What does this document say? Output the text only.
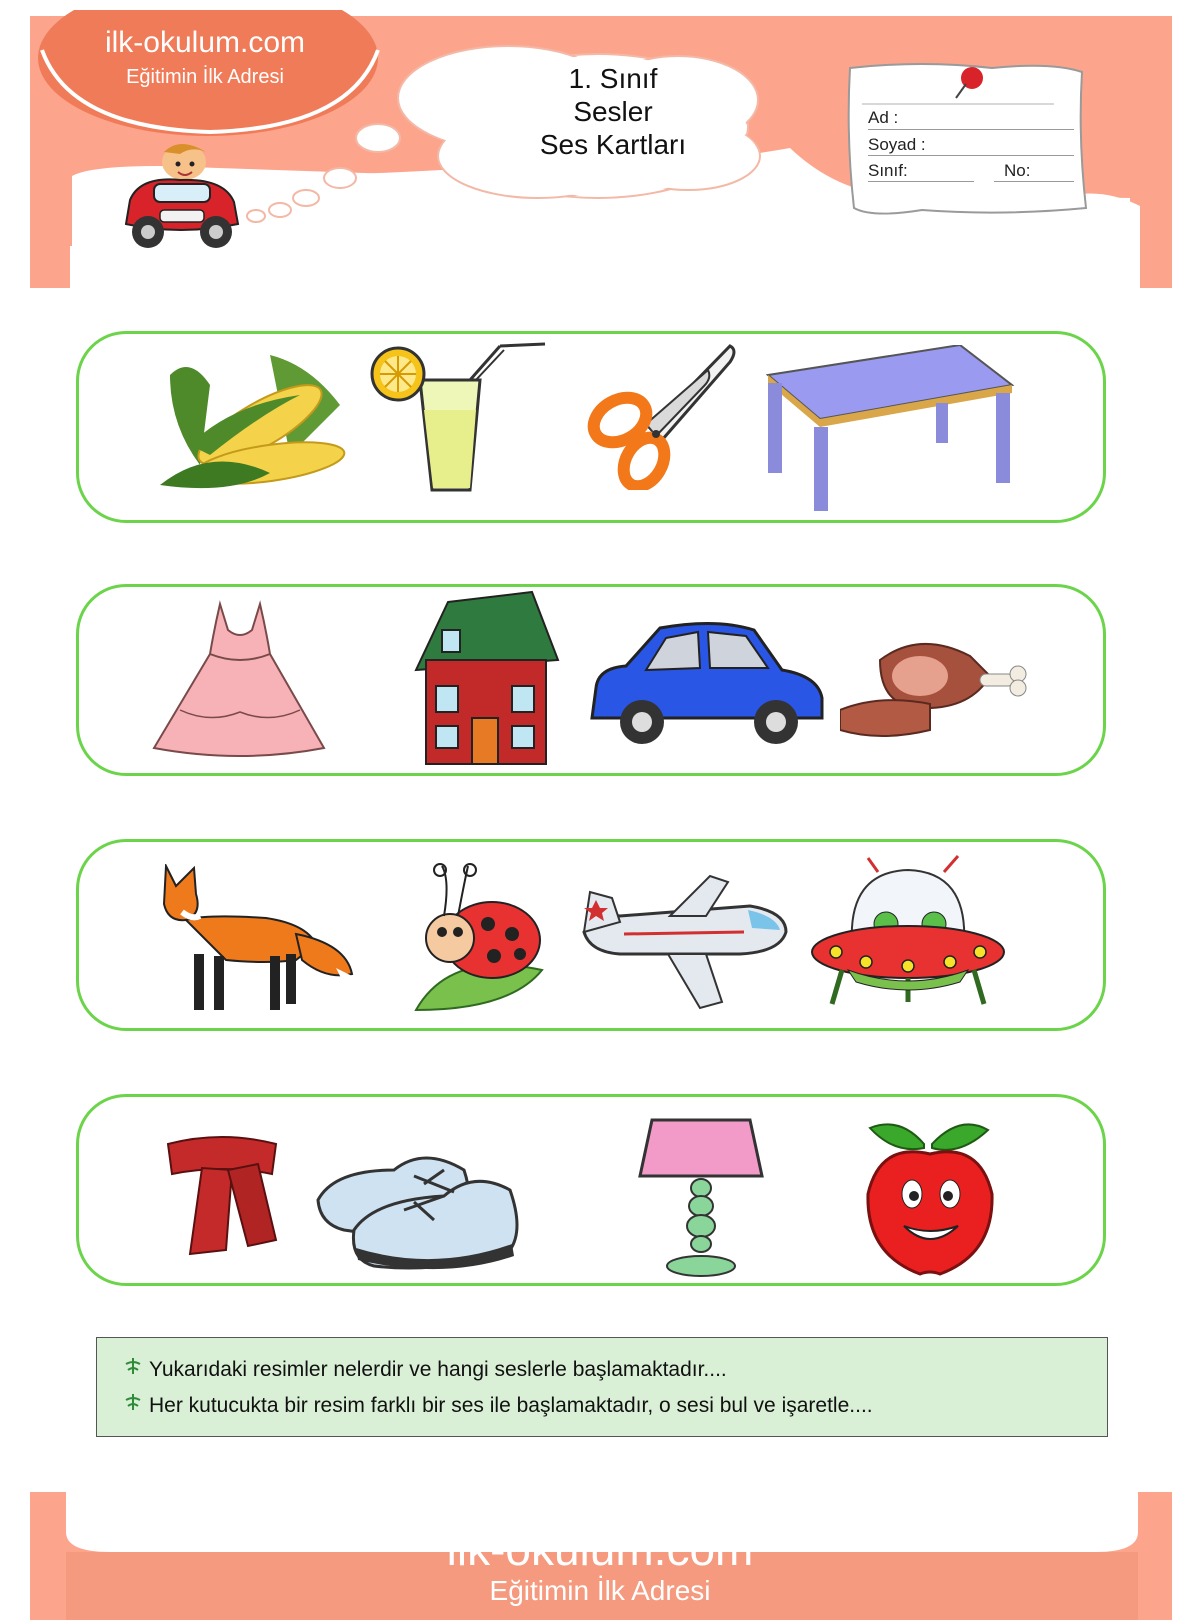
ilk-okulum.com
Eğitimin İlk Adresi	1. Sınıf
Sesler
Ses Kartları
Ad :
Soyad :
Sınıf:	No:
Yukarıdaki resimler nelerdir ve hangi seslerle başlamaktadır....
Her kutucukta bir resim farklı bir ses ile başlamaktadır, o sesi bul ve işaretle....
ilk-okulum.com
Eğitimin İlk Adresi
